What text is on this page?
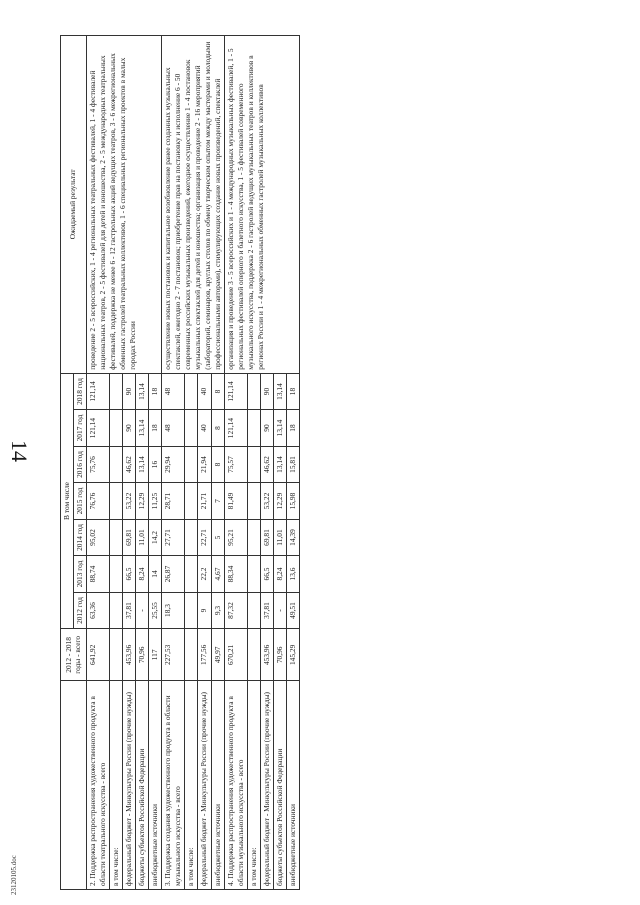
14
23120105.doc
	2012 - 2018 годы - всего	В том числе							Ожидаемый результат
		2012 год	2013 год	2014 год	2015 год	2016 год	2017 год	2018 год	
2. Поддержка распространения художественного продукта в области театрального искусства - всего	641,92	63,36	88,74	95,02	76,76	75,76	121,14	121,14	проведение 2 - 5 всероссийских, 1 - 4 региональных театральных фестивалей, 1 - 4 фестивалей национальных театров, 2 - 5 фестивалей для детей и юношества, 2 - 5 международных театральных фестивалей, поддержка не менее 6 - 12 гастрольных акций ведущих театров, 3 - 6 межрегиональных обменных гастролей театральных коллективов, 1 - 6 специальных региональных проектов в малых городах России
в том числе:									
федеральный бюджет - Минкультуры России (прочие нужды)	453,96	37,81	66,5	69,81	53,22	46,62	90	90	
бюджеты субъектов Российской Федерации	70,96	-	8,24	11,01	12,29	13,14	13,14	13,14	
внебюджетные источники	117	25,55	14	14,2	11,25	16	18	18	
3. Поддержка создания художественного продукта в области музыкального искусства - всего	227,53	18,3	26,87	27,71	28,71	29,94	48	48	осуществление новых постановок и капитальное возобновление ранее созданных музыкальных спектаклей, ежегодно 2 - 7 постановок; приобретение прав на постановку и исполнение 6 - 50 современных российских музыкальных произведений, ежегодное осуществление 1 - 4 постановок музыкальных спектаклей для детей и юношества; организация и проведение 2 - 16 мероприятий (лабораторий, семинаров, круглых столов по обмену творческим опытом между мастерами и молодыми профессиональными авторами), стимулирующих создание новых произведений, спектаклей
в том числе:									
федеральный бюджет - Минкультуры России (прочие нужды)	177,56	9	22,2	22,71	21,71	21,94	40	40	
внебюджетные источники	49,97	9,3	4,67	5	7	8	8	8	
4. Поддержка распространения художественного продукта в области музыкального искусства - всего	670,21	87,32	88,34	95,21	81,49	75,57	121,14	121,14	организация и проведение 3 - 5 всероссийских и 1 - 4 международных музыкальных фестивалей, 1 - 5 региональных фестивалей оперного и балетного искусства, 1 - 5 фестивалей современного музыкального искусства, поддержка 2 - 6 гастролей ведущих музыкальных театров и коллективов в регионах России и 1 - 4 межрегиональных обменных гастролей музыкальных коллективов
в том числе:									
федеральный бюджет - Минкультуры России (прочие нужды)	453,96	37,81	66,5	69,81	53,22	46,62	90	90	
бюджеты субъектов Российской Федерации	70,96	-	8,24	11,01	12,29	13,14	13,14	13,14	
внебюджетные источники	145,29	49,51	13,6	14,39	15,98	15,81	18	18	
